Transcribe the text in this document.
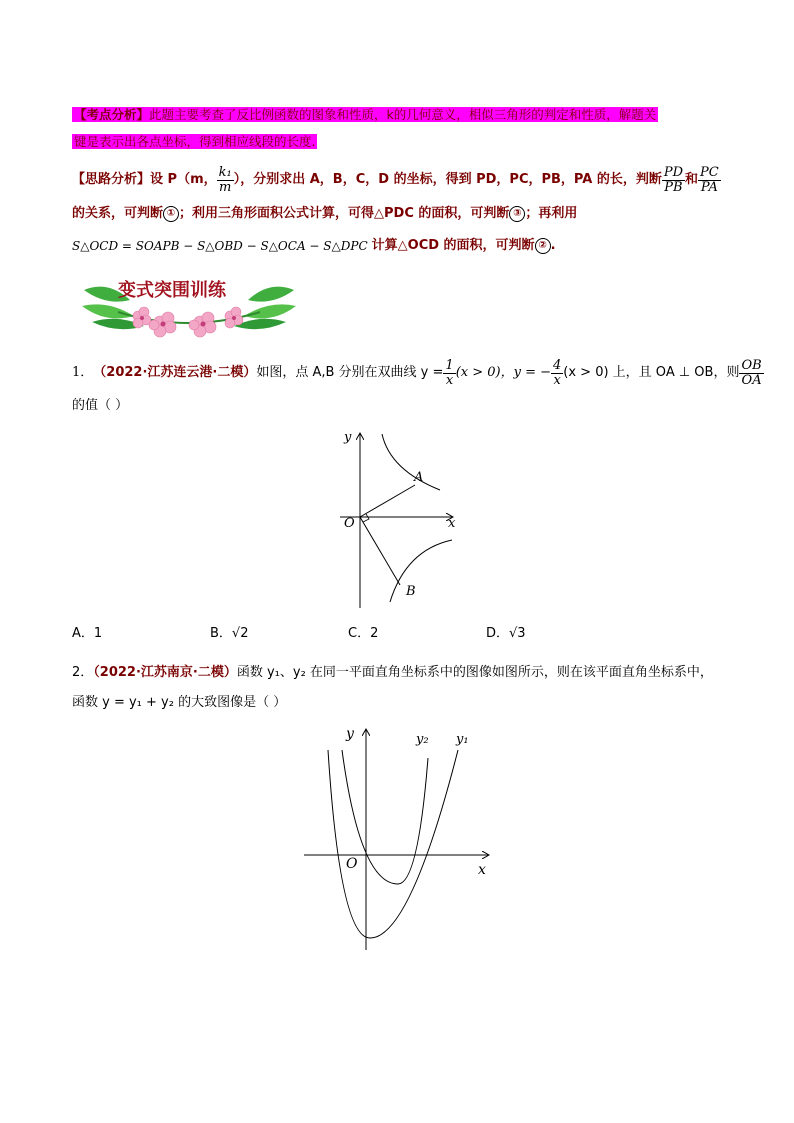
【考点分析】此题主要考查了反比例函数的图象和性质，k的几何意义，相似三角形的判定和性质，解题关
键是表示出各点坐标，得到相应线段的长度.
【思路分析】 设 P（m， $\frac{\text{k₁}}{m}$ ），分别求出 A，B，C，D 的坐标，得到 PD，PC，PB，PA 的长，判断 $\frac{PD}{PB}$ 和 $\frac{PC}{PA}$
的关系，可判断 ① ；利用三角形面积公式计算，可得△PDC 的面积，可判断 ③ ；再利用
S△OCD = SOAPB − S△OBD − S△OCA − S△DPC 计算△OCD 的面积，可判断 ② .
变式突围训练
1． （2022·江苏连云港·二模） 如图，点 A,B 分别在双曲线 $y = \frac{1}{x} (x > 0)$，y = − $\frac{4}{x} (x > 0)$ 上，且 OA ⊥ OB，则 $\frac{OB}{OA}$
的值（ ）
y
x
O
A
B
A．1	B．√2	C．2	D．√3
2．（2022·江苏南京·二模）函数 y₁、y₂ 在同一平面直角坐标系中的图像如图所示，则在该平面直角坐标系中，
函数 y = y₁ + y₂ 的大致图像是（ ）
y
x
O
y₂ y₁
